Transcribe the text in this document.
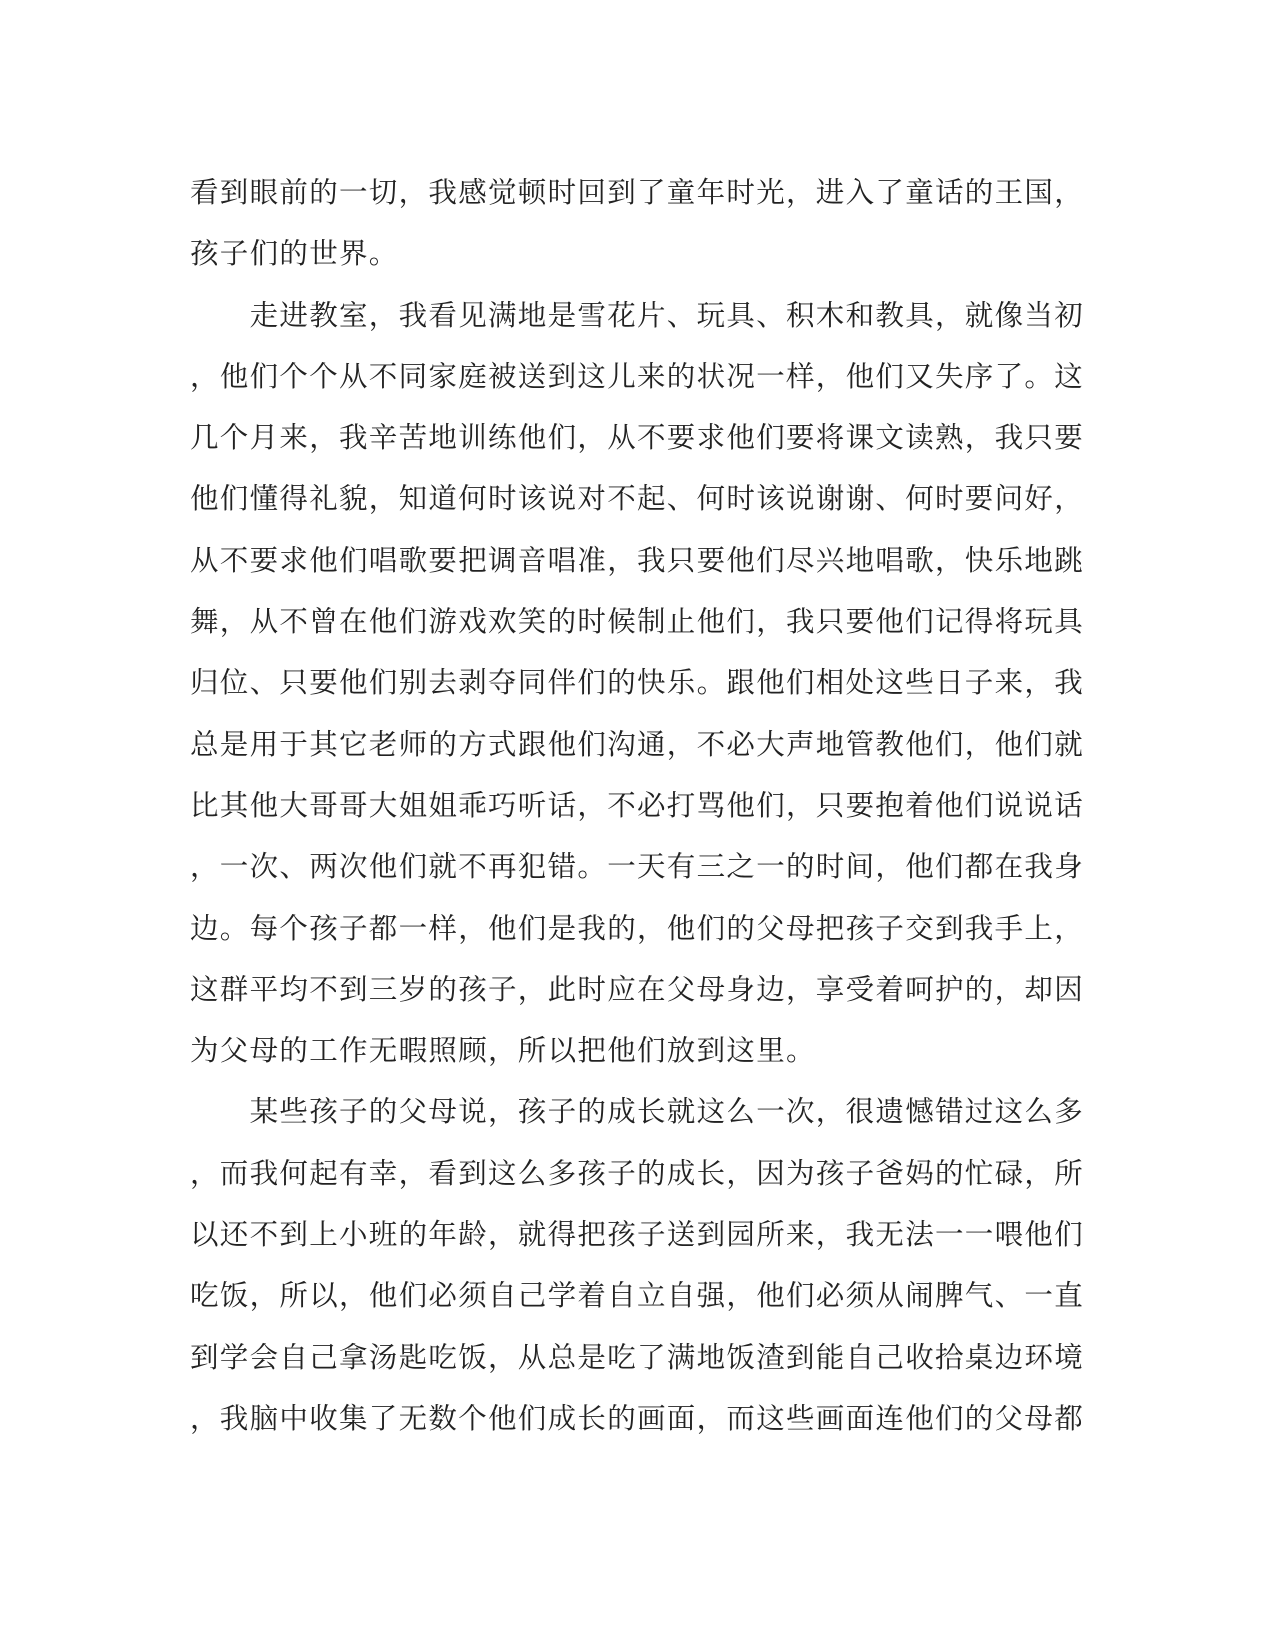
看到眼前的一切，我感觉顿时回到了童年时光，进入了童话的王国，
孩子们的世界。
　　走进教室，我看见满地是雪花片、玩具、积木和教具，就像当初
，他们个个从不同家庭被送到这儿来的状况一样，他们又失序了。这
几个月来，我辛苦地训练他们，从不要求他们要将课文读熟，我只要
他们懂得礼貌，知道何时该说对不起、何时该说谢谢、何时要问好，
从不要求他们唱歌要把调音唱准，我只要他们尽兴地唱歌，快乐地跳
舞，从不曾在他们游戏欢笑的时候制止他们，我只要他们记得将玩具
归位、只要他们别去剥夺同伴们的快乐。跟他们相处这些日子来，我
总是用于其它老师的方式跟他们沟通，不必大声地管教他们，他们就
比其他大哥哥大姐姐乖巧听话，不必打骂他们，只要抱着他们说说话
，一次、两次他们就不再犯错。一天有三之一的时间，他们都在我身
边。每个孩子都一样，他们是我的，他们的父母把孩子交到我手上，
这群平均不到三岁的孩子，此时应在父母身边，享受着呵护的，却因
为父母的工作无暇照顾，所以把他们放到这里。
　　某些孩子的父母说，孩子的成长就这么一次，很遗憾错过这么多
，而我何起有幸，看到这么多孩子的成长，因为孩子爸妈的忙碌，所
以还不到上小班的年龄，就得把孩子送到园所来，我无法一一喂他们
吃饭，所以，他们必须自己学着自立自强，他们必须从闹脾气、一直
到学会自己拿汤匙吃饭，从总是吃了满地饭渣到能自己收拾桌边环境
，我脑中收集了无数个他们成长的画面，而这些画面连他们的父母都
